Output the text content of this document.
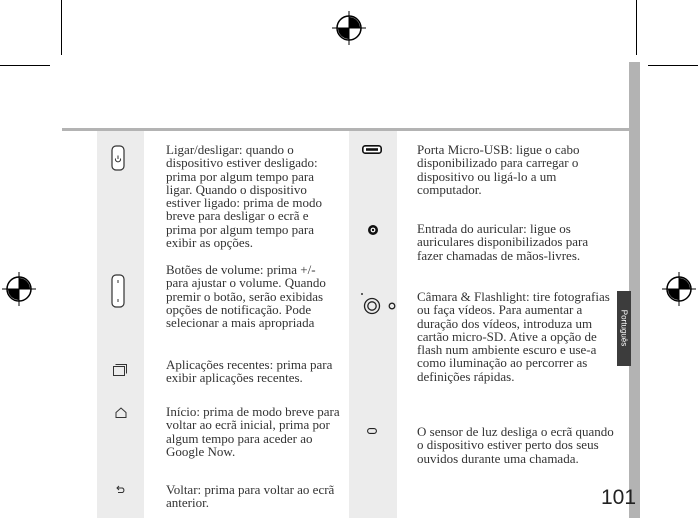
Ligar/desligar: quando o dispositivo estiver desligado: prima por algum tempo para ligar. Quando o dispositivo estiver ligado: prima de modo breve para desligar o ecrã e prima por algum tempo para exibir as opções.
Botões de volume: prima +/- para ajustar o volume. Quando premir o botão, serão exibidas opções de notificação. Pode selecionar a mais apropriada
Aplicações recentes: prima para exibir aplicações recentes.
Início: prima de modo breve para voltar ao ecrã inicial, prima por algum tempo para aceder ao Google Now.
Voltar: prima para voltar ao ecrã anterior.
Porta Micro-USB: ligue o cabo disponibilizado para carregar o dispositivo ou ligá-lo a um computador.
Entrada do auricular: ligue os auriculares disponibilizados para fazer chamadas de mãos-livres.
Câmara & Flashlight: tire fotografias ou faça vídeos. Para aumentar a duração dos vídeos, introduza um cartão micro-SD. Ative a opção de flash num ambiente escuro e use-a como iluminação ao percorrer as definições rápidas.
O sensor de luz desliga o ecrã quando o dispositivo estiver perto dos seus ouvidos durante uma chamada.
Português
101
